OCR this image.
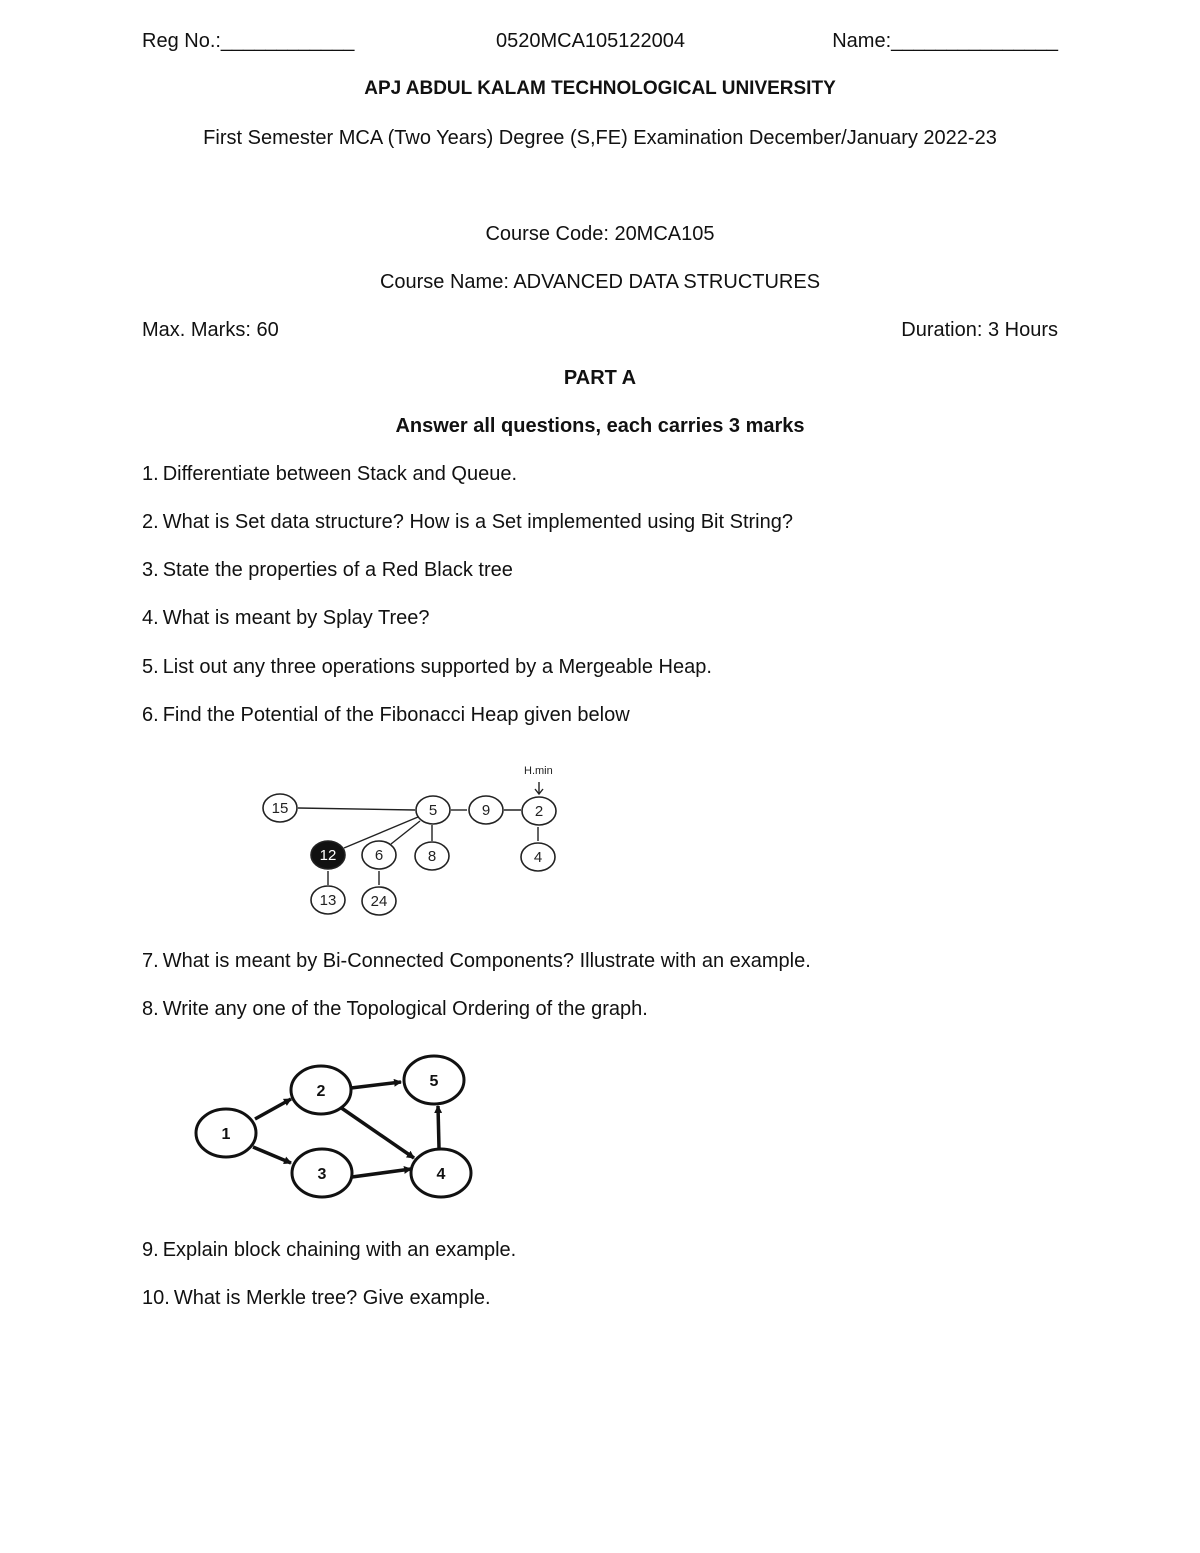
Reg No.:____________	0520MCA105122004	Name:_______________
APJ ABDUL KALAM TECHNOLOGICAL UNIVERSITY
First Semester MCA (Two Years) Degree (S,FE) Examination December/January 2022-23
Course Code: 20MCA105
Course Name: ADVANCED DATA STRUCTURES
Max. Marks: 60	Duration: 3 Hours
PART A
Answer all questions, each carries 3 marks
1. Differentiate between Stack and Queue.
2. What is Set data structure? How is a Set implemented using Bit String?
3. State the properties of a Red Black tree
4. What is meant by Splay Tree?
5. List out any three operations supported by a Mergeable Heap.
6. Find the Potential of the Fibonacci Heap given below
H.min
15	5	9	2
12	6	8	4
13 24
7. What is meant by Bi-Connected Components? Illustrate with an example.
8. Write any one of the Topological Ordering of the graph.
1
2
3	4
5
9. Explain block chaining with an example.
10. What is Merkle tree? Give example.
